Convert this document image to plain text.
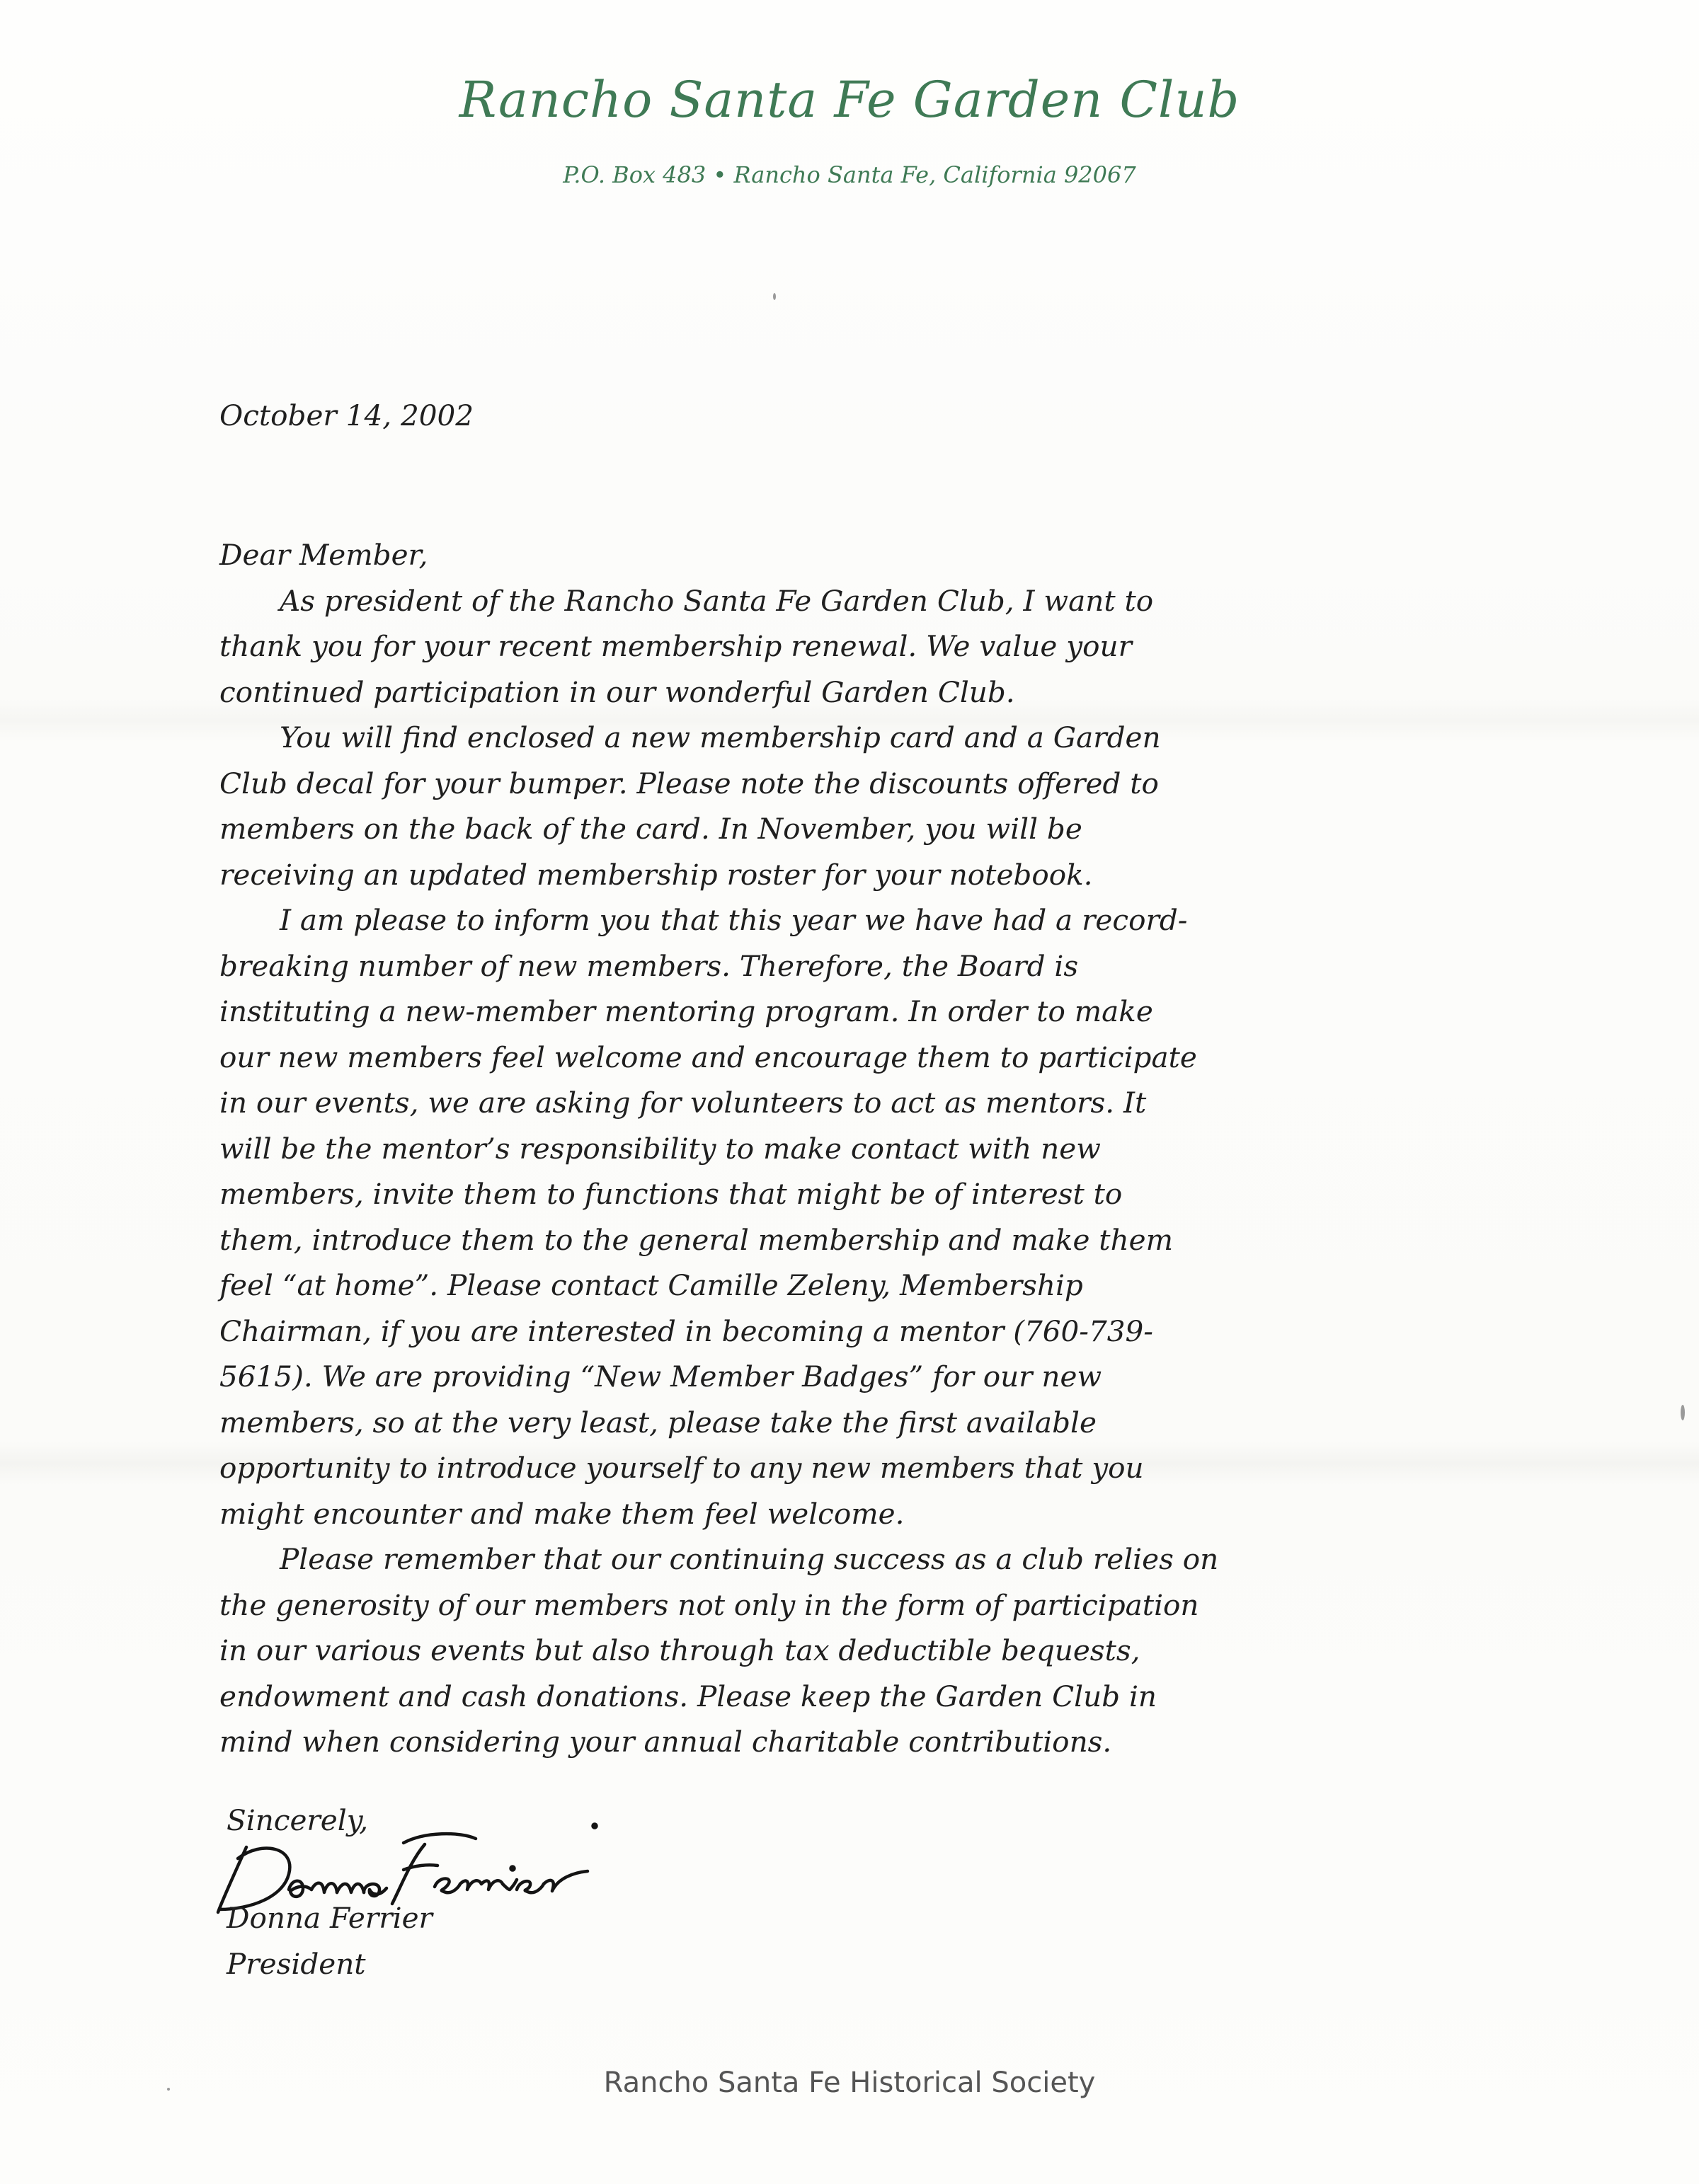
Rancho Santa Fe Garden Club
P.O. Box 483 • Rancho Santa Fe, California 92067
October 14, 2002
Dear Member,
As president of the Rancho Santa Fe Garden Club, I want to
thank you for your recent membership renewal. We value your
continued participation in our wonderful Garden Club.
You will find enclosed a new membership card and a Garden
Club decal for your bumper. Please note the discounts offered to
members on the back of the card. In November, you will be
receiving an updated membership roster for your notebook.
I am please to inform you that this year we have had a record-
breaking number of new members. Therefore, the Board is
instituting a new-member mentoring program. In order to make
our new members feel welcome and encourage them to participate
in our events, we are asking for volunteers to act as mentors. It
will be the mentor’s responsibility to make contact with new
members, invite them to functions that might be of interest to
them, introduce them to the general membership and make them
feel “at home”. Please contact Camille Zeleny, Membership
Chairman, if you are interested in becoming a mentor (760-739-
5615). We are providing “New Member Badges” for our new
members, so at the very least, please take the first available
opportunity to introduce yourself to any new members that you
might encounter and make them feel welcome.
Please remember that our continuing success as a club relies on
the generosity of our members not only in the form of participation
in our various events but also through tax deductible bequests,
endowment and cash donations. Please keep the Garden Club in
mind when considering your annual charitable contributions.
Sincerely,
Donna Ferrier
President
Rancho Santa Fe Historical Society
